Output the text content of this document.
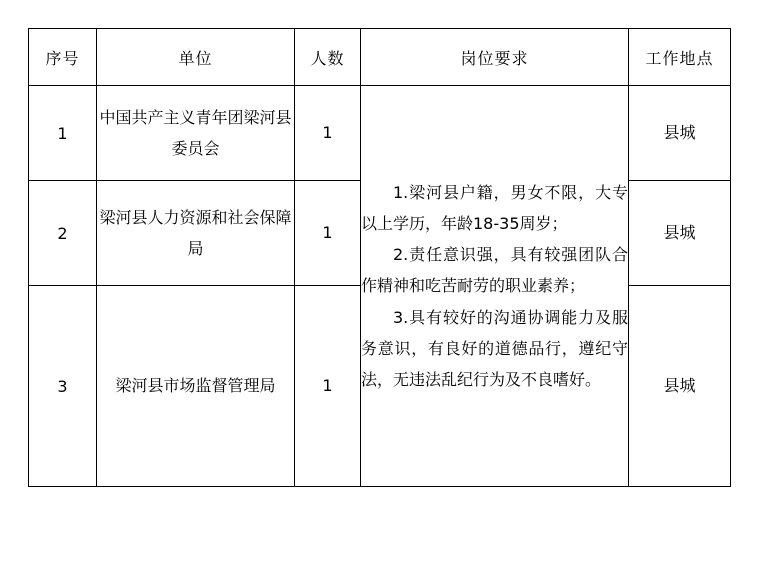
序号	单位	人数	岗位要求	工作地点
1	中国共产主义青年团梁河县委员会	1	1.梁河县户籍，男女不限，大专以上学历，年龄18-35周岁；

2.责任意识强，具有较强团队合作精神和吃苦耐劳的职业素养；

3.具有较好的沟通协调能力及服务意识，有良好的道德品行，遵纪守法，无违法乱纪行为及不良嗜好。	县城
2	梁河县人力资源和社会保障局	1		县城
3	梁河县市场监督管理局	1		县城
